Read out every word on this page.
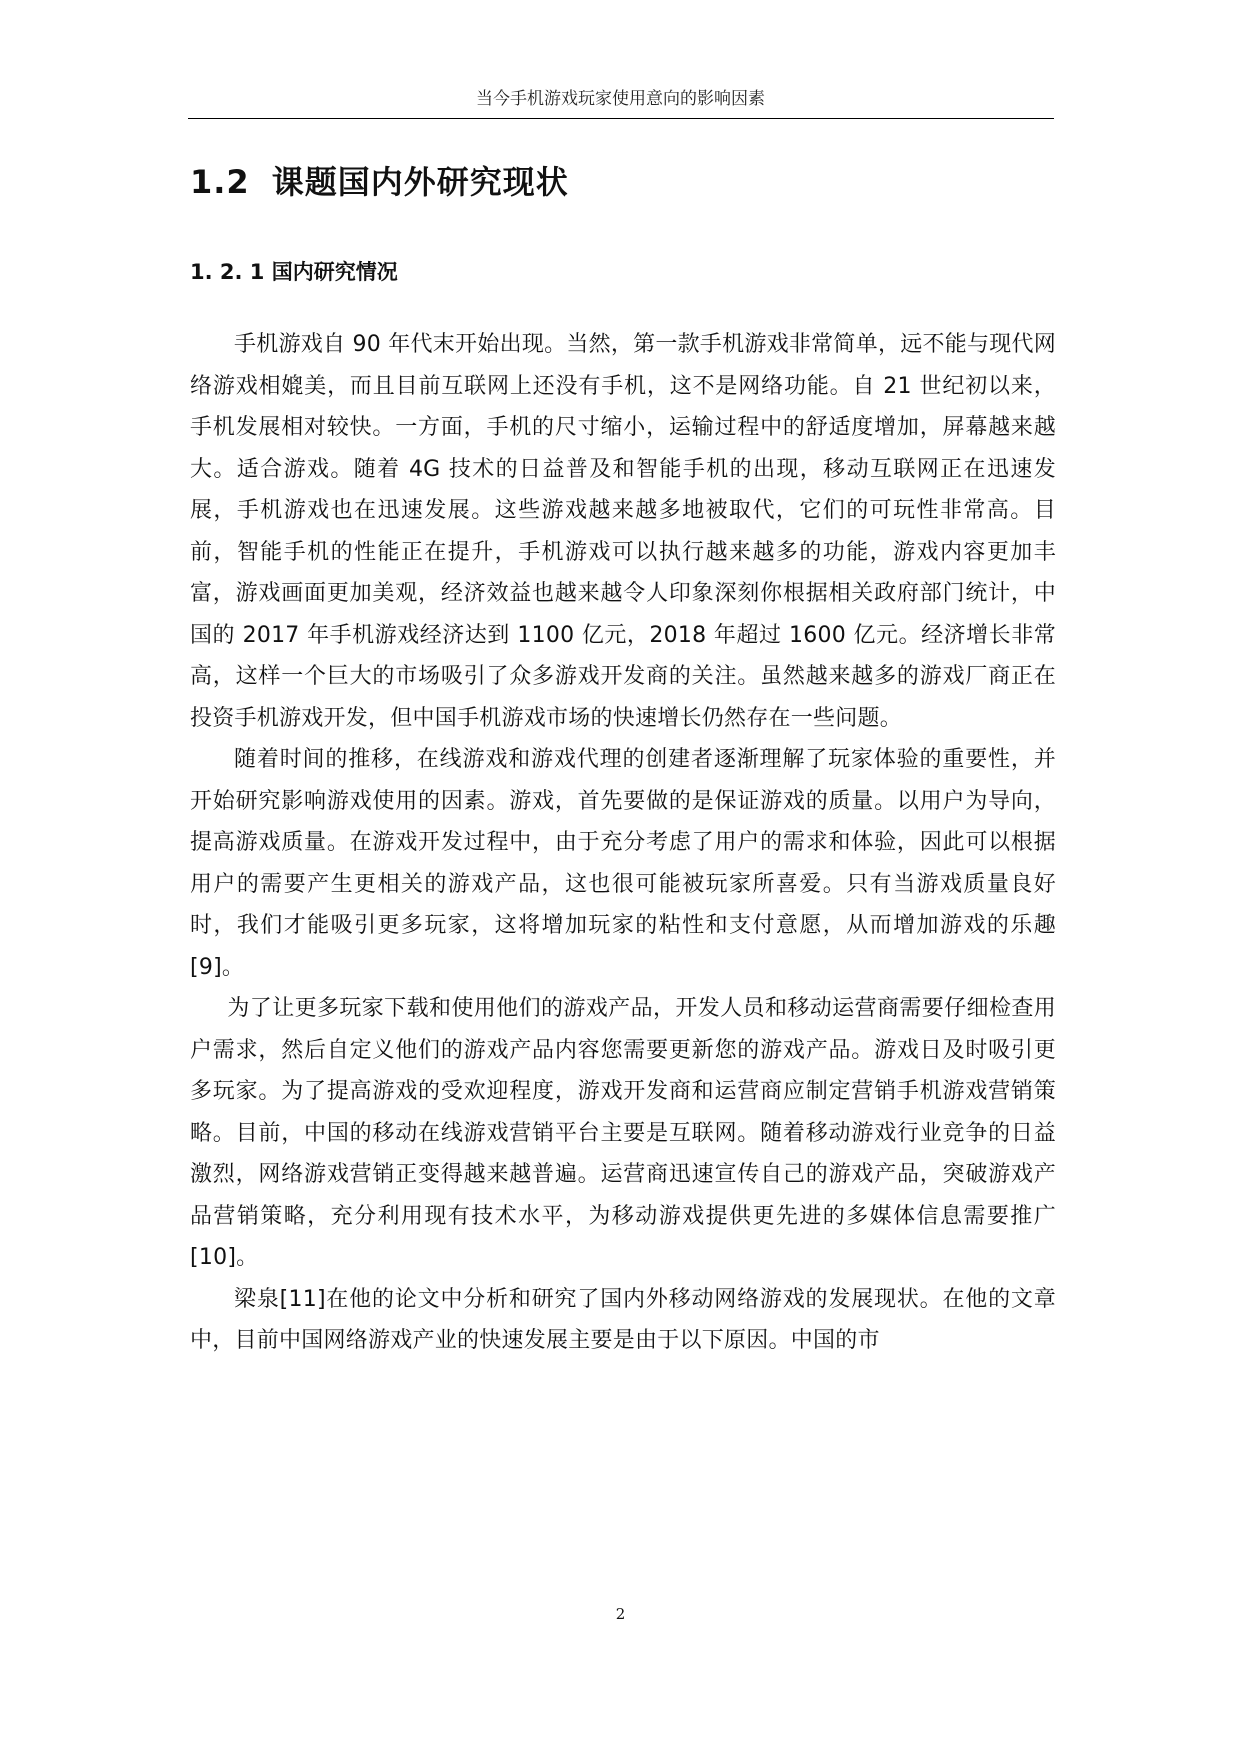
当今手机游戏玩家使用意向的影响因素
1.2 课题国内外研究现状
1. 2. 1 国内研究情况

手机游戏自 90 年代末开始出现。当然，第一款手机游戏非常简单，远不能与现代网络游戏相媲美，而且目前互联网上还没有手机，这不是网络功能。自 21 世纪初以来，手机发展相对较快。一方面，手机的尺寸缩小，运输过程中的舒适度增加，屏幕越来越大。适合游戏。随着 4G 技术的日益普及和智能手机的出现，移动互联网正在迅速发展，手机游戏也在迅速发展。这些游戏越来越多地被取代，它们的可玩性非常高。目前，智能手机的性能正在提升，手机游戏可以执行越来越多的功能，游戏内容更加丰富，游戏画面更加美观，经济效益也越来越令人印象深刻你根据相关政府部门统计，中国的 2017 年手机游戏经济达到 1100 亿元，2018 年超过 1600 亿元。经济增长非常高，这样一个巨大的市场吸引了众多游戏开发商的关注。虽然越来越多的游戏厂商正在投资手机游戏开发，但中国手机游戏市场的快速增长仍然存在一些问题。

随着时间的推移，在线游戏和游戏代理的创建者逐渐理解了玩家体验的重要性，并开始研究影响游戏使用的因素。游戏，首先要做的是保证游戏的质量。以用户为导向，提高游戏质量。在游戏开发过程中，由于充分考虑了用户的需求和体验，因此可以根据用户的需要产生更相关的游戏产品，这也很可能被玩家所喜爱。只有当游戏质量良好时，我们才能吸引更多玩家，这将增加玩家的粘性和支付意愿，从而增加游戏的乐趣[9]。

为了让更多玩家下载和使用他们的游戏产品，开发人员和移动运营商需要仔细检查用户需求，然后自定义他们的游戏产品内容您需要更新您的游戏产品。游戏日及时吸引更多玩家。为了提高游戏的受欢迎程度，游戏开发商和运营商应制定营销手机游戏营销策略。目前，中国的移动在线游戏营销平台主要是互联网。随着移动游戏行业竞争的日益激烈，网络游戏营销正变得越来越普遍。运营商迅速宣传自己的游戏产品，突破游戏产品营销策略，充分利用现有技术水平，为移动游戏提供更先进的多媒体信息需要推广[10]。

梁泉[11]在他的论文中分析和研究了国内外移动网络游戏的发展现状。在他的文章中，目前中国网络游戏产业的快速发展主要是由于以下原因。中国的市

2
